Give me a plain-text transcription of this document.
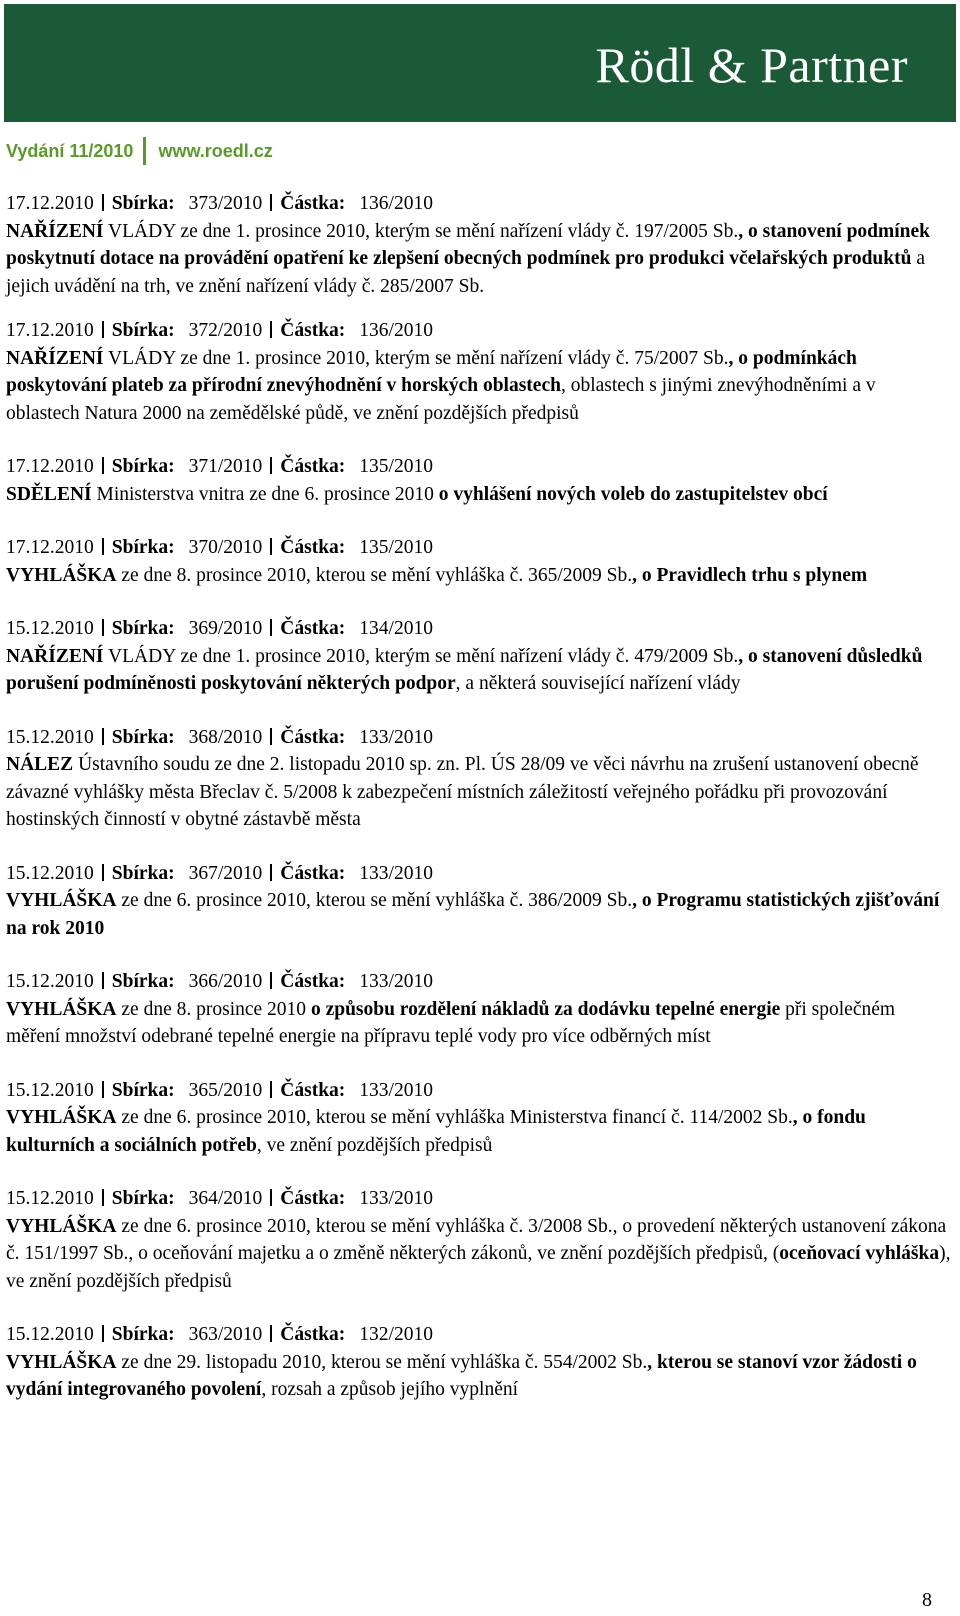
Rödl & Partner
Vydání 11/2010 www.roedl.cz
17.12.2010 Sbírka: 373/2010 Částka: 136/2010
NAŘÍZENÍ VLÁDY ze dne 1. prosince 2010, kterým se mění nařízení vlády č. 197/2005 Sb., o stanovení podmínek poskytnutí dotace na provádění opatření ke zlepšení obecných podmínek pro produkci včelařských produktů a jejich uvádění na trh, ve znění nařízení vlády č. 285/2007 Sb.
17.12.2010 Sbírka: 372/2010 Částka: 136/2010
NAŘÍZENÍ VLÁDY ze dne 1. prosince 2010, kterým se mění nařízení vlády č. 75/2007 Sb., o podmínkách poskytování plateb za přírodní znevýhodnění v horských oblastech, oblastech s jinými znevýhodněními a v oblastech Natura 2000 na zemědělské půdě, ve znění pozdějších předpisů
17.12.2010 Sbírka: 371/2010 Částka: 135/2010
SDĚLENÍ Ministerstva vnitra ze dne 6. prosince 2010 o vyhlášení nových voleb do zastupitelstev obcí
17.12.2010 Sbírka: 370/2010 Částka: 135/2010
VYHLÁŠKA ze dne 8. prosince 2010, kterou se mění vyhláška č. 365/2009 Sb., o Pravidlech trhu s plynem
15.12.2010 Sbírka: 369/2010 Částka: 134/2010
NAŘÍZENÍ VLÁDY ze dne 1. prosince 2010, kterým se mění nařízení vlády č. 479/2009 Sb., o stanovení důsledků porušení podmíněnosti poskytování některých podpor, a některá související nařízení vlády
15.12.2010 Sbírka: 368/2010 Částka: 133/2010
NÁLEZ Ústavního soudu ze dne 2. listopadu 2010 sp. zn. Pl. ÚS 28/09 ve věci návrhu na zrušení ustanovení obecně závazné vyhlášky města Břeclav č. 5/2008 k zabezpečení místních záležitostí veřejného pořádku při provozování hostinských činností v obytné zástavbě města
15.12.2010 Sbírka: 367/2010 Částka: 133/2010
VYHLÁŠKA ze dne 6. prosince 2010, kterou se mění vyhláška č. 386/2009 Sb., o Programu statistických zjišťování na rok 2010
15.12.2010 Sbírka: 366/2010 Částka: 133/2010
VYHLÁŠKA ze dne 8. prosince 2010 o způsobu rozdělení nákladů za dodávku tepelné energie při společném měření množství odebrané tepelné energie na přípravu teplé vody pro více odběrných míst
15.12.2010 Sbírka: 365/2010 Částka: 133/2010
VYHLÁŠKA ze dne 6. prosince 2010, kterou se mění vyhláška Ministerstva financí č. 114/2002 Sb., o fondu kulturních a sociálních potřeb, ve znění pozdějších předpisů
15.12.2010 Sbírka: 364/2010 Částka: 133/2010
VYHLÁŠKA ze dne 6. prosince 2010, kterou se mění vyhláška č. 3/2008 Sb., o provedení některých ustanovení zákona č. 151/1997 Sb., o oceňování majetku a o změně některých zákonů, ve znění pozdějších předpisů, (oceňovací vyhláška), ve znění pozdějších předpisů
15.12.2010 Sbírka: 363/2010 Částka: 132/2010
VYHLÁŠKA ze dne 29. listopadu 2010, kterou se mění vyhláška č. 554/2002 Sb., kterou se stanoví vzor žádosti o vydání integrovaného povolení, rozsah a způsob jejího vyplnění
8
